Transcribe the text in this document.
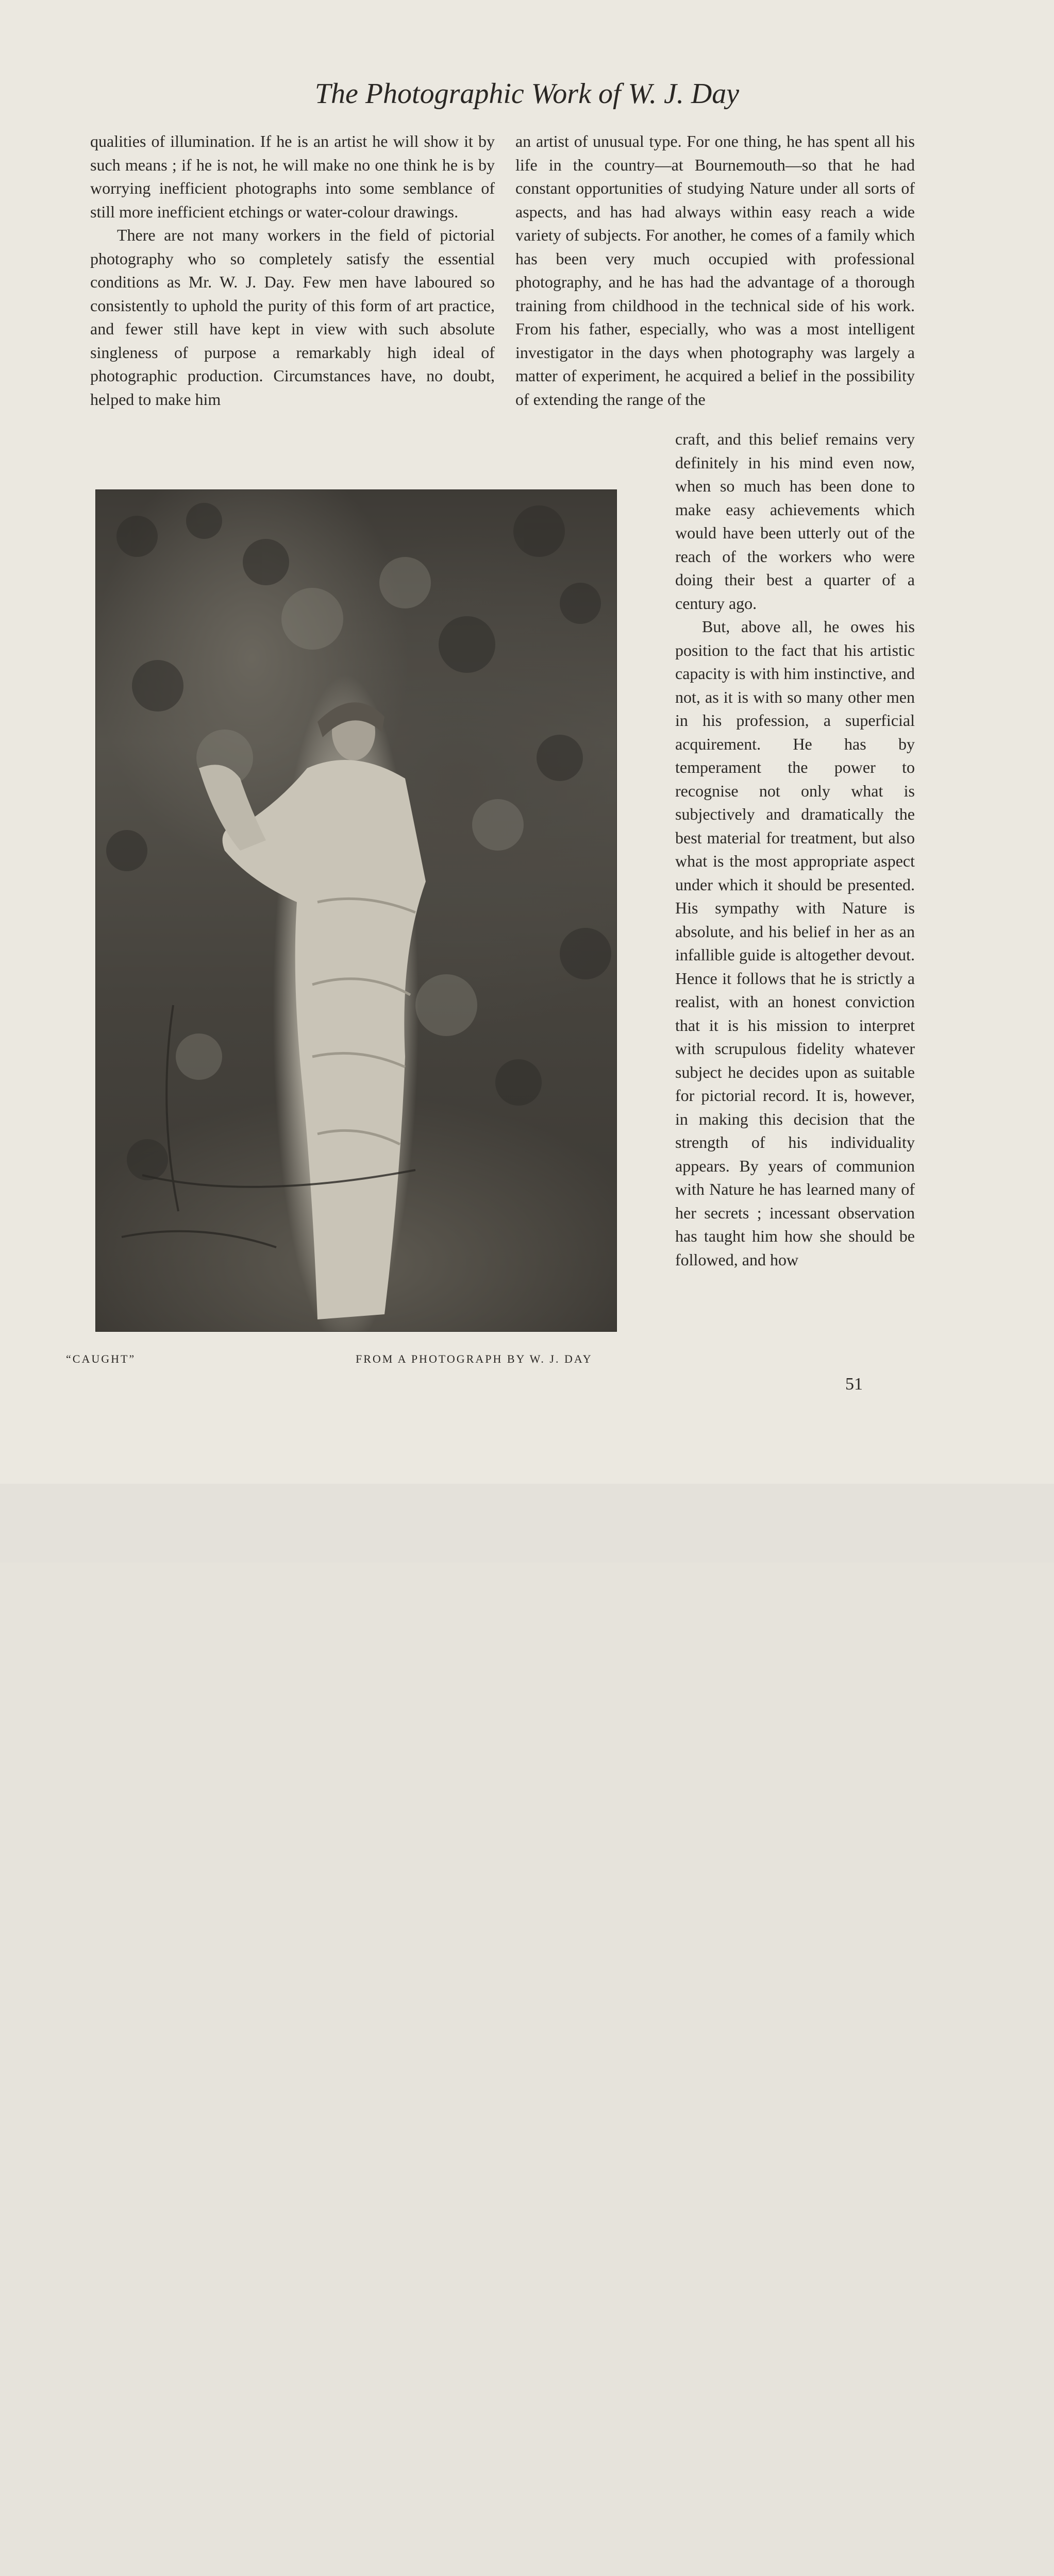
The Photographic Work of W. J. Day

qualities of illumination. If he is an artist he will show it by such means ; if he is not, he will make no one think he is by worrying inefficient photographs into some semblance of still more inefficient etchings or water-colour drawings.

There are not many workers in the field of pictorial photography who so completely satisfy the essential conditions as Mr. W. J. Day. Few men have laboured so consistently to uphold the purity of this form of art practice, and fewer still have kept in view with such absolute singleness of purpose a remarkably high ideal of photographic production. Circumstances have, no doubt, helped to make him

an artist of unusual type. For one thing, he has spent all his life in the country—at Bournemouth—so that he had constant opportunities of studying Nature under all sorts of aspects, and has had always within easy reach a wide variety of subjects. For another, he comes of a family which has been very much occupied with professional photography, and he has had the advantage of a thorough training from childhood in the technical side of his work. From his father, especially, who was a most intelligent investigator in the days when photography was largely a matter of experiment, he acquired a belief in the possibility of extending the range of the

craft, and this belief remains very definitely in his mind even now, when so much has been done to make easy achievements which would have been utterly out of the reach of the workers who were doing their best a quarter of a century ago.

But, above all, he owes his position to the fact that his artistic capacity is with him instinctive, and not, as it is with so many other men in his profession, a superficial acquirement. He has by temperament the power to recognise not only what is subjectively and dramatically the best material for treatment, but also what is the most appropriate aspect under which it should be presented. His sympathy with Nature is absolute, and his belief in her as an infallible guide is altogether devout. Hence it follows that he is strictly a realist, with an honest conviction that it is his mission to interpret with scrupulous fidelity whatever subject he decides upon as suitable for pictorial record. It is, however, in making this decision that the strength of his individuality appears. By years of communion with Nature he has learned many of her secrets ; incessant observation has taught him how she should be followed, and how

“CAUGHT”	FROM A PHOTOGRAPH BY W. J. DAY
51
